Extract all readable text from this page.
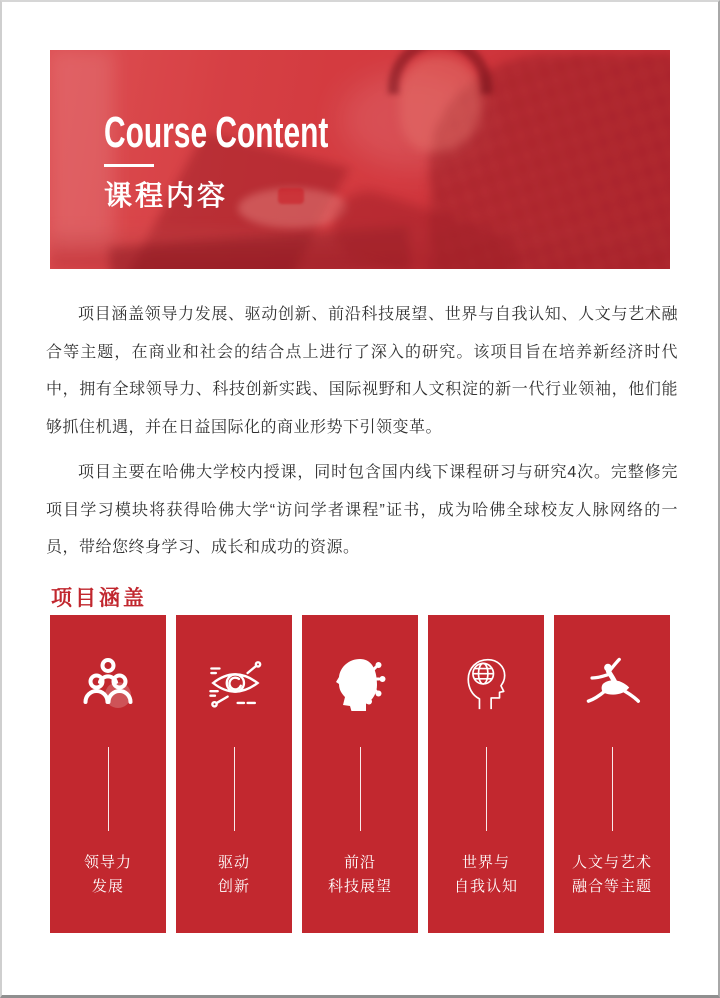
Course Content
课程内容

项目涵盖领导力发展、驱动创新、前沿科技展望、世界与自我认知、人文与艺术融合等主题，在商业和社会的结合点上进行了深入的研究。该项目旨在培养新经济时代中，拥有全球领导力、科技创新实践、国际视野和人文积淀的新一代行业领袖，他们能够抓住机遇，并在日益国际化的商业形势下引领变革。

项目主要在哈佛大学校内授课，同时包含国内线下课程研习与研究4次。完整修完项目学习模块将获得哈佛大学“访问学者课程”证书，成为哈佛全球校友人脉网络的一员，带给您终身学习、成长和成功的资源。

项目涵盖
领导力
发展
驱动
创新
前沿
科技展望
世界与
自我认知
人文与艺术
融合等主题
